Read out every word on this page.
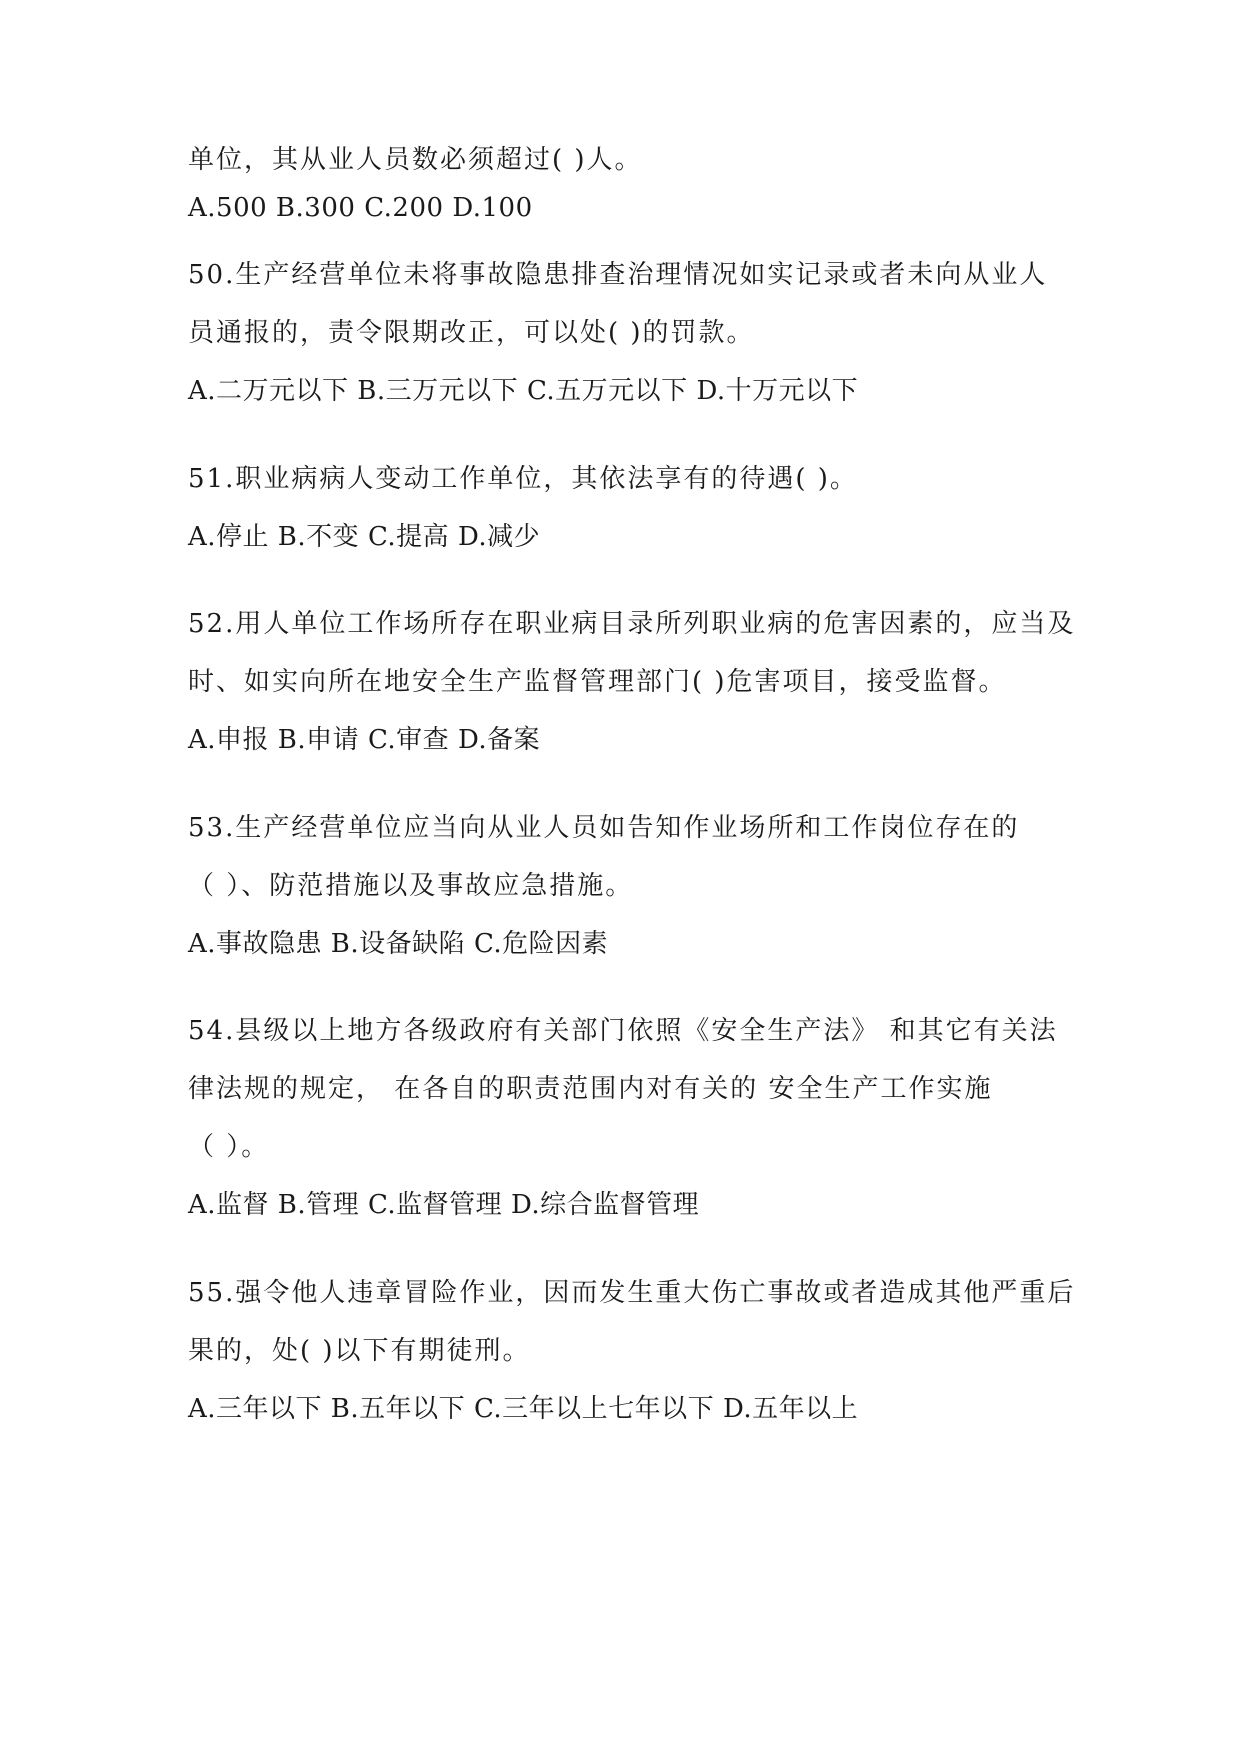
单位，其从业人员数必须超过( )人。
A.500 B.300 C.200 D.100
50.生产经营单位未将事故隐患排查治理情况如实记录或者未向从业人
员通报的，责令限期改正，可以处( )的罚款。
A.二万元以下 B.三万元以下 C.五万元以下 D.十万元以下
51.职业病病人变动工作单位，其依法享有的待遇( )。
A.停止 B.不变 C.提高 D.减少
52.用人单位工作场所存在职业病目录所列职业病的危害因素的，应当及
时、如实向所在地安全生产监督管理部门( )危害项目，接受监督。
A.申报 B.申请 C.审查 D.备案
53.生产经营单位应当向从业人员如告知作业场所和工作岗位存在的
（ ）、防范措施以及事故应急措施。
A.事故隐患 B.设备缺陷 C.危险因素
54.县级以上地方各级政府有关部门依照《安全生产法》 和其它有关法
律法规的规定， 在各自的职责范围内对有关的 安全生产工作实施
（ ）。
A.监督 B.管理 C.监督管理 D.综合监督管理
55.强令他人违章冒险作业，因而发生重大伤亡事故或者造成其他严重后
果的，处( )以下有期徒刑。
A.三年以下 B.五年以下 C.三年以上七年以下 D.五年以上
